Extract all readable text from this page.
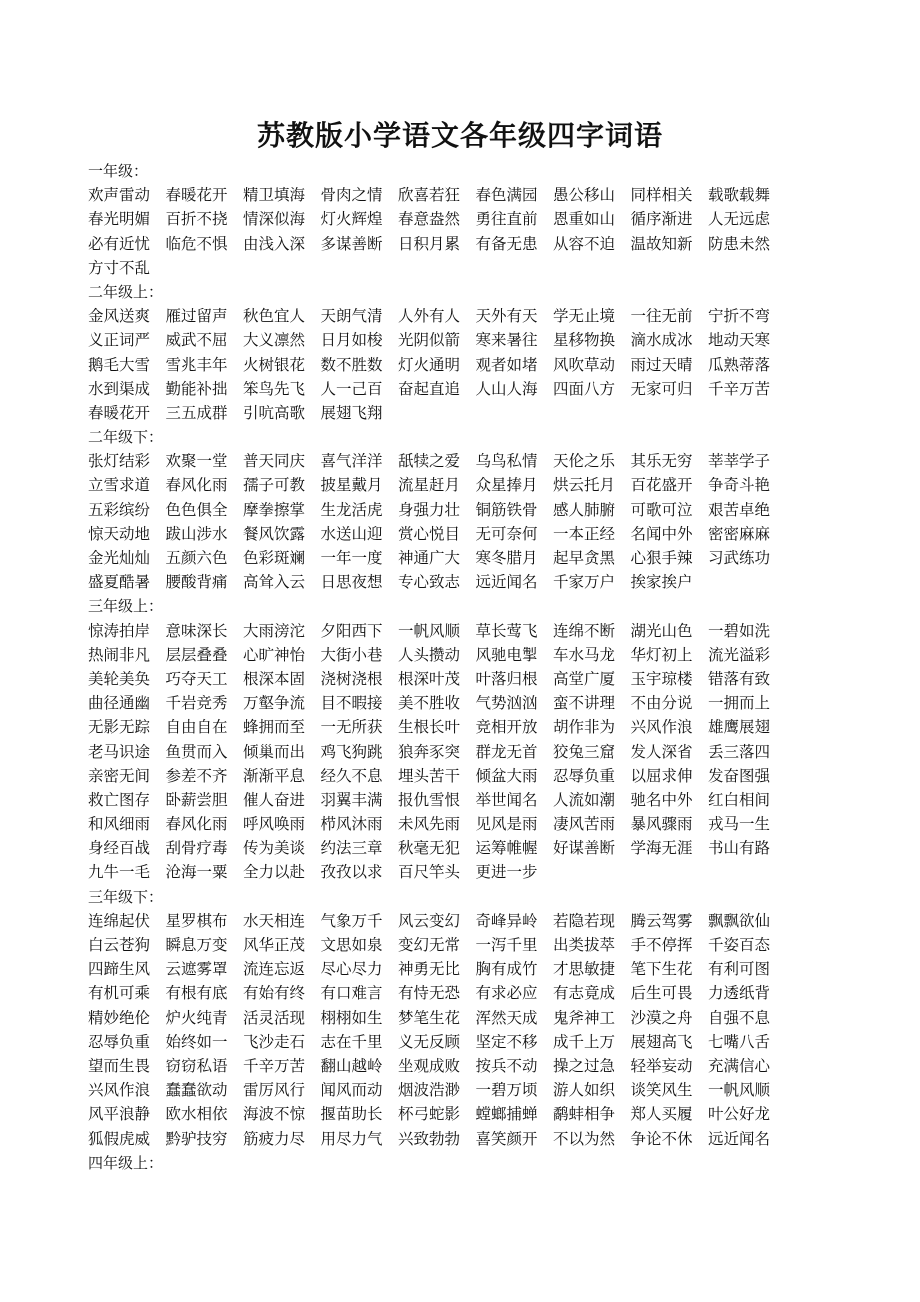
苏教版小学语文各年级四字词语
一年级：
欢声雷动 春暖花开 精卫填海 骨肉之情 欣喜若狂 春色满园 愚公移山 同样相关 载歌载舞
春光明媚 百折不挠 情深似海 灯火辉煌 春意盎然 勇往直前 恩重如山 循序渐进 人无远虑
必有近忧 临危不惧 由浅入深 多谋善断 日积月累 有备无患 从容不迫 温故知新 防患未然
方寸不乱
二年级上：
金风送爽 雁过留声 秋色宜人 天朗气清 人外有人 天外有天 学无止境 一往无前 宁折不弯
义正词严 威武不屈 大义凛然 日月如梭 光阴似箭 寒来暑往 星移物换 滴水成冰 地动天寒
鹅毛大雪 雪兆丰年 火树银花 数不胜数 灯火通明 观者如堵 风吹草动 雨过天晴 瓜熟蒂落
水到渠成 勤能补拙 笨鸟先飞 人一己百 奋起直追 人山人海 四面八方 无家可归 千辛万苦
春暖花开 三五成群 引吭高歌 展翅飞翔
二年级下：
张灯结彩 欢聚一堂 普天同庆 喜气洋洋 舐犊之爱 乌鸟私情 天伦之乐 其乐无穷 莘莘学子
立雪求道 春风化雨 孺子可教 披星戴月 流星赶月 众星捧月 烘云托月 百花盛开 争奇斗艳
五彩缤纷 色色俱全 摩拳擦掌 生龙活虎 身强力壮 铜筋铁骨 感人肺腑 可歌可泣 艰苦卓绝
惊天动地 跋山涉水 餐风饮露 水送山迎 赏心悦目 无可奈何 一本正经 名闻中外 密密麻麻
金光灿灿 五颜六色 色彩斑斓 一年一度 神通广大 寒冬腊月 起早贪黑 心狠手辣 习武练功
盛夏酷暑 腰酸背痛 高耸入云 日思夜想 专心致志 远近闻名 千家万户 挨家挨户
三年级上：
惊涛拍岸 意味深长 大雨滂沱 夕阳西下 一帆风顺 草长莺飞 连绵不断 湖光山色 一碧如洗
热闹非凡 层层叠叠 心旷神怡 大街小巷 人头攒动 风驰电掣 车水马龙 华灯初上 流光溢彩
美轮美奂 巧夺天工 根深本固 浇树浇根 根深叶茂 叶落归根 高堂广厦 玉宇琼楼 错落有致
曲径通幽 千岩竞秀 万壑争流 目不暇接 美不胜收 气势汹汹 蛮不讲理 不由分说 一拥而上
无影无踪 自由自在 蜂拥而至 一无所获 生根长叶 竞相开放 胡作非为 兴风作浪 雄鹰展翅
老马识途 鱼贯而入 倾巢而出 鸡飞狗跳 狼奔豕突 群龙无首 狡兔三窟 发人深省 丢三落四
亲密无间 参差不齐 渐渐平息 经久不息 埋头苦干 倾盆大雨 忍辱负重 以屈求伸 发奋图强
救亡图存 卧薪尝胆 催人奋进 羽翼丰满 报仇雪恨 举世闻名 人流如潮 驰名中外 红白相间
和风细雨 春风化雨 呼风唤雨 栉风沐雨 未风先雨 见风是雨 凄风苦雨 暴风骤雨 戎马一生
身经百战 刮骨疗毒 传为美谈 约法三章 秋毫无犯 运筹帷幄 好谋善断 学海无涯 书山有路
九牛一毛 沧海一粟 全力以赴 孜孜以求 百尺竿头 更进一步
三年级下：
连绵起伏 星罗棋布 水天相连 气象万千 风云变幻 奇峰异岭 若隐若现 腾云驾雾 飘飘欲仙
白云苍狗 瞬息万变 风华正茂 文思如泉 变幻无常 一泻千里 出类拔萃 手不停挥 千姿百态
四蹄生风 云遮雾罩 流连忘返 尽心尽力 神勇无比 胸有成竹 才思敏捷 笔下生花 有利可图
有机可乘 有根有底 有始有终 有口难言 有恃无恐 有求必应 有志竟成 后生可畏 力透纸背
精妙绝伦 炉火纯青 活灵活现 栩栩如生 梦笔生花 浑然天成 鬼斧神工 沙漠之舟 自强不息
忍辱负重 始终如一 飞沙走石 志在千里 义无反顾 坚定不移 成千上万 展翅高飞 七嘴八舌
望而生畏 窃窃私语 千辛万苦 翻山越岭 坐观成败 按兵不动 操之过急 轻举妄动 充满信心
兴风作浪 蠢蠢欲动 雷厉风行 闻风而动 烟波浩渺 一碧万顷 游人如织 谈笑风生 一帆风顺
风平浪静 欧水相依 海波不惊 揠苗助长 杯弓蛇影 螳螂捕蝉 鹬蚌相争 郑人买履 叶公好龙
狐假虎威 黔驴技穷 筋疲力尽 用尽力气 兴致勃勃 喜笑颜开 不以为然 争论不休 远近闻名
四年级上：
